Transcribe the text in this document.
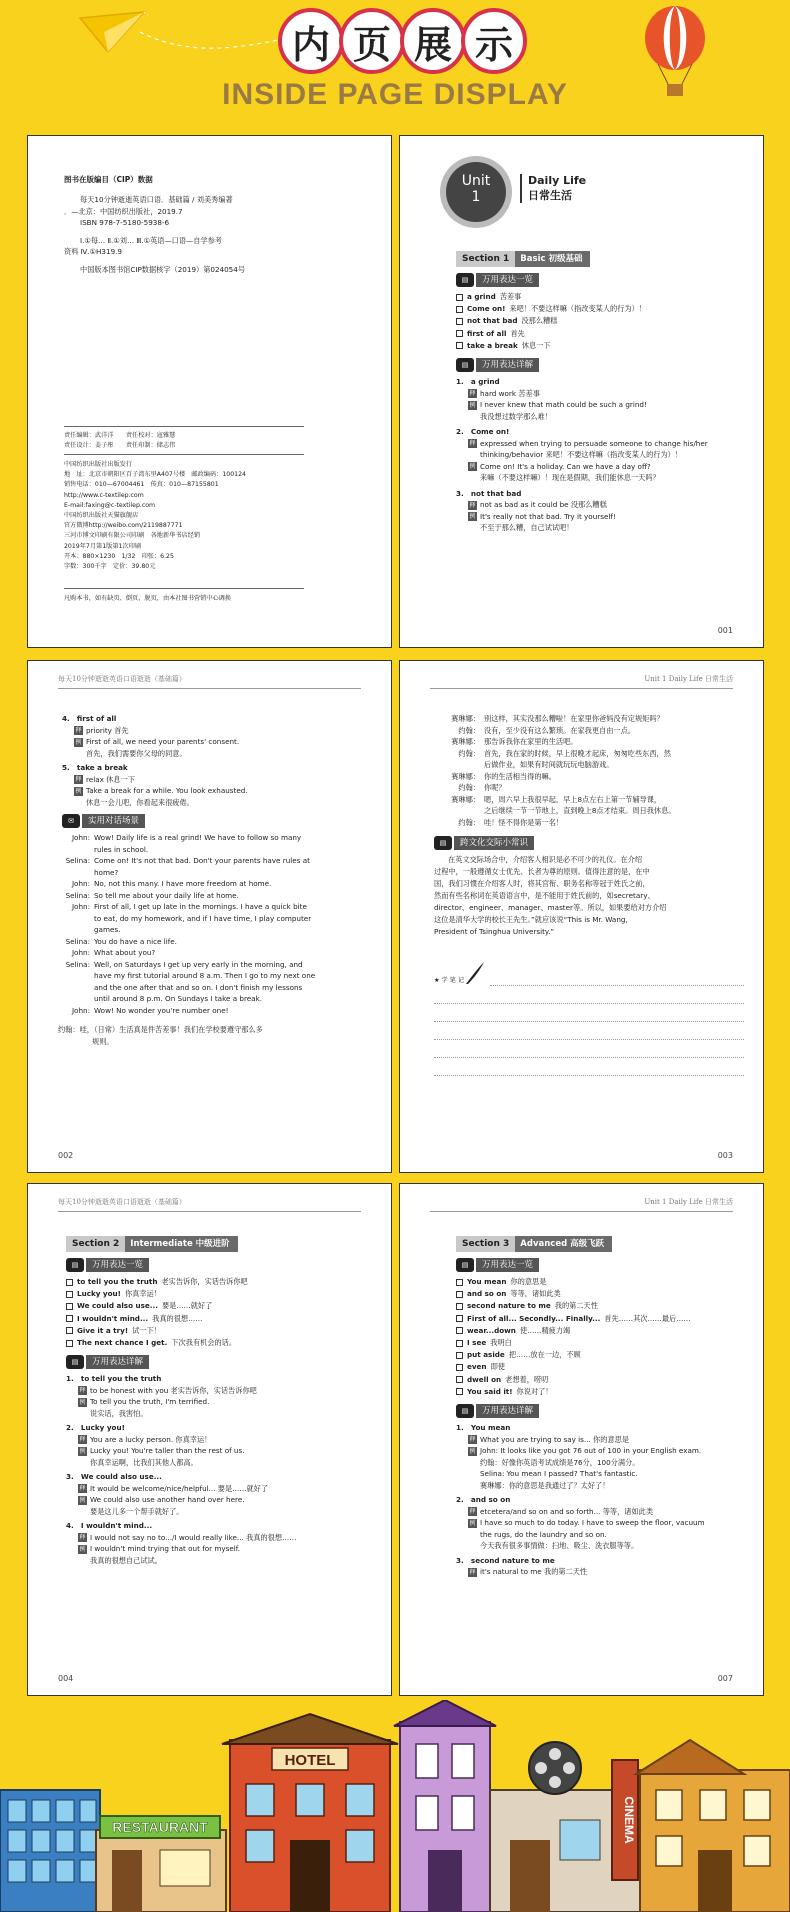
内 页 展 示
INSIDE PAGE DISPLAY
图书在版编目（CIP）数据
每天10分钟逝逝英语口语．基础篇 / 刘美秀编著
．—北京：中国纺织出版社，2019.7
ISBN 978-7-5180-5938-6
Ⅰ.①每… Ⅱ.①刘… Ⅲ.①英语—口语—自学参考
资料 Ⅳ.①H319.9
中国版本图书馆CIP数据核字（2019）第024054号
责任编辑：武洋洋　　责任校对：寇雅慧
责任设计：姜子彤　　责任印制：储志伟
中国纺织出版社出版发行
地　址：北京市朝阳区百子湾东里A407号楼　邮政编码：100124
销售电话：010—67004461　传真：010—87155801
http://www.c-textilep.com
E-mail:faxing@c-textilep.com
中国纺织出版社天猫旗舰店
官方微博http://weibo.com/2119887771
三河市博文印刷有限公司印刷　各地新华书店经销
2019年7月第1版第1次印刷
开本：880×1230　1/32　印张：6.25
字数：300千字　定价：39.80元
凡购本书，如有缺页、倒页、脱页，由本社图书营销中心调换
Unit
1
Daily Life
日常生活
Section 1	Basic 初级基础
▤	万用表达一览
a grind 苦差事
Come on! 来吧！不要这样嘛（指改变某人的行为）！
not that bad 没那么糟糕
first of all 首先
take a break 休息一下
▤	万用表达详解
1.　a grind
释 hard work 苦差事
例 I never knew that math could be such a grind!
我没想过数学那么难！
2.　Come on!
释 expressed when trying to persuade someone to change his/her
thinking/behavior 来吧！不要这样嘛（指改变某人的行为）！
例 Come on! It's a holiday. Can we have a day off?
来嘛（不要这样嘛）！现在是假期，我们能休息一天吗？
3.　not that bad
释 not as bad as it could be 没那么糟糕
例 It's really not that bad. Try it yourself!
不至于那么糟，自己试试吧！
001
每天10分钟逝逝英语口语逝逝（基础篇）
4.　first of all
释 priority 首先
例 First of all, we need your parents' consent.
首先，我们需要你父母的同意。
5.　take a break
释 relax 休息一下
例 Take a break for a while. You look exhausted.
休息一会儿吧，你看起来很疲倦。
✉	实用对话场景
John: Wow! Daily life is a real grind! We have to follow so many
rules in school.
Selina: Come on! It's not that bad. Don't your parents have rules at
home?
John: No, not this many. I have more freedom at home.
Selina: So tell me about your daily life at home.
John: First of all, I get up late in the mornings. I have a quick bite
to eat, do my homework, and if I have time, I play computer
games.
Selina: You do have a nice life.
John: What about you?
Selina: Well, on Saturdays I get up very early in the morning, and
have my first tutorial around 8 a.m. Then I go to my next one
and the one after that and so on. I don't finish my lessons
until around 8 p.m. On Sundays I take a break.
John: Wow! No wonder you're number one!
约翰：哇，（日常）生活真是件苦差事！我们在学校要遵守那么多
规则。
002
Unit 1 Daily Life 日常生活
赛琳娜： 别这样，其实没那么糟啦！在家里你爸妈没有定规矩吗？
约翰： 没有，至少没有这么繁琐。在家我更自由一点。
赛琳娜： 那告诉我你在家里的生活吧。
约翰： 首先，我在家的时候，早上很晚才起床，匆匆吃些东西，然
后做作业，如果有时间就玩玩电脑游戏。
赛琳娜： 你的生活相当得的嘛。
约翰： 你呢？
赛琳娜： 嗯，周六早上我很早起，早上8点左右上第一节辅导课，
之后继续一节一节地上，直到晚上8点才结束。周日我休息。
约翰： 哇！怪不得你是第一名！
▤	跨文化交际小常识
在英文交际场合中，介绍客人相识是必不可少的礼仪。在介绍
过程中，一般遵循女士优先、长者为尊的原则。值得注意的是，在中
国，我们习惯在介绍客人时，将其官衔、职务名称等冠于姓氏之前，
然而有些名称词在英语语言中，是不能用于姓氏前的，如secretary、
director、engineer、manager、master等。所以，如果要给对方介绍
这位是清华大学的校长王先生。”就应该说“This is Mr. Wang,
President of Tsinghua University.”
★ 学 笔 记
003
每天10分钟逝逝英语口语逝逝（基础篇）
Section 2	Intermediate 中级进阶
▤	万用表达一览
to tell you the truth 老实告诉你，实话告诉你吧
Lucky you! 你真幸运！
We could also use... 要是……就好了
I wouldn't mind... 我真的很想……
Give it a try! 试一下！
The next chance I get. 下次我有机会的话。
▤	万用表达详解
1.　to tell you the truth
释 to be honest with you 老实告诉你，实话告诉你吧
例 To tell you the truth, I'm terrified.
说实话，我害怕。
2.　Lucky you!
释 You are a lucky person. 你真幸运！
例 Lucky you! You're taller than the rest of us.
你真幸运啊，比我们其他人都高。
3.　We could also use...
释 It would be welcome/nice/helpful... 要是……就好了
例 We could also use another hand over here.
要是这儿多一个帮手就好了。
4.　I wouldn't mind...
释 I would not say no to.../I would really like... 我真的很想……
例 I wouldn't mind trying that out for myself.
我真的很想自己试试。
004
Unit 1 Daily Life 日常生活
Section 3	Advanced 高级飞跃
▤	万用表达一览
You mean 你的意思是
and so on 等等，诸如此类
second nature to me 我的第二天性
First of all... Secondly... Finally... 首先……其次……最后……
wear...down 使……精疲力竭
I see 我明白
put aside 把……放在一边，不顾
even 即使
dwell on 老想着，唠叨
You said it! 你说对了！
▤	万用表达详解
1.　You mean
释 What you are trying to say is... 你的意思是
例 John: It looks like you got 76 out of 100 in your English exam.
约翰：好像你英语考试成绩是76分，100分满分。
Selina: You mean I passed? That's fantastic.
赛琳娜：你的意思是我通过了？太好了！
2.　and so on
释 etcetera/and so on and so forth... 等等，诸如此类
例 I have so much to do today. I have to sweep the floor, vacuum
the rugs, do the laundry and so on.
今天我有很多事情做：扫地、吸尘、洗衣服等等。
3.　second nature to me
释 it's natural to me 我的第二天性
007
RESTAURANT
HOTEL
CINEMA
